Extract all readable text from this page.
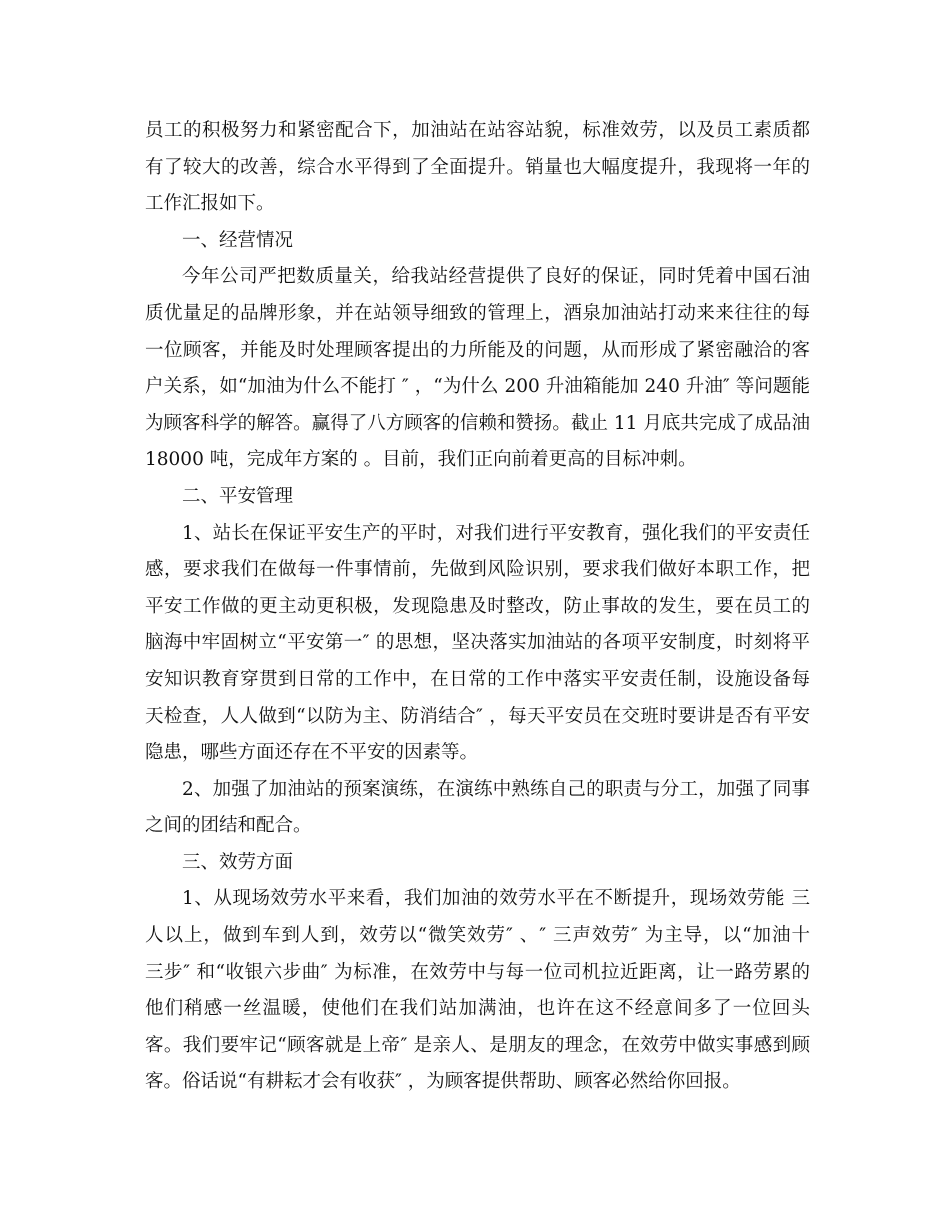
员工的积极努力和紧密配合下，加油站在站容站貌，标准效劳，以及员工素质都
有了较大的改善，综合水平得到了全面提升。销量也大幅度提升，我现将一年的
工作汇报如下。
一、经营情况
今年公司严把数质量关，给我站经营提供了良好的保证，同时凭着中国石油
质优量足的品牌形象，并在站领导细致的管理上，酒泉加油站打动来来往往的每
一位顾客，并能及时处理顾客提出的力所能及的问题，从而形成了紧密融洽的客
户关系，如“加油为什么不能打 ″ ，“为什么 200 升油箱能加 240 升油″ 等问题能
为顾客科学的解答。赢得了八方顾客的信赖和赞扬。截止 11 月底共完成了成品油
18000 吨，完成年方案的 。目前，我们正向前着更高的目标冲刺。
二、平安管理
1、站长在保证平安生产的平时，对我们进行平安教育，强化我们的平安责任
感，要求我们在做每一件事情前，先做到风险识别，要求我们做好本职工作，把
平安工作做的更主动更积极，发现隐患及时整改，防止事故的发生，要在员工的
脑海中牢固树立“平安第一″ 的思想，坚决落实加油站的各项平安制度，时刻将平
安知识教育穿贯到日常的工作中，在日常的工作中落实平安责任制，设施设备每
天检查，人人做到“以防为主、防消结合″ ，每天平安员在交班时要讲是否有平安
隐患，哪些方面还存在不平安的因素等。
2、加强了加油站的预案演练，在演练中熟练自己的职责与分工，加强了同事
之间的团结和配合。
三、效劳方面
1、从现场效劳水平来看，我们加油的效劳水平在不断提升，现场效劳能 三
人以上，做到车到人到，效劳以“微笑效劳″ 、″ 三声效劳″ 为主导，以“加油十
三步″ 和“收银六步曲″ 为标准，在效劳中与每一位司机拉近距离，让一路劳累的
他们稍感一丝温暖，使他们在我们站加满油，也许在这不经意间多了一位回头
客。我们要牢记“顾客就是上帝″ 是亲人、是朋友的理念，在效劳中做实事感到顾
客。俗话说“有耕耘才会有收获″ ，为顾客提供帮助、顾客必然给你回报。
